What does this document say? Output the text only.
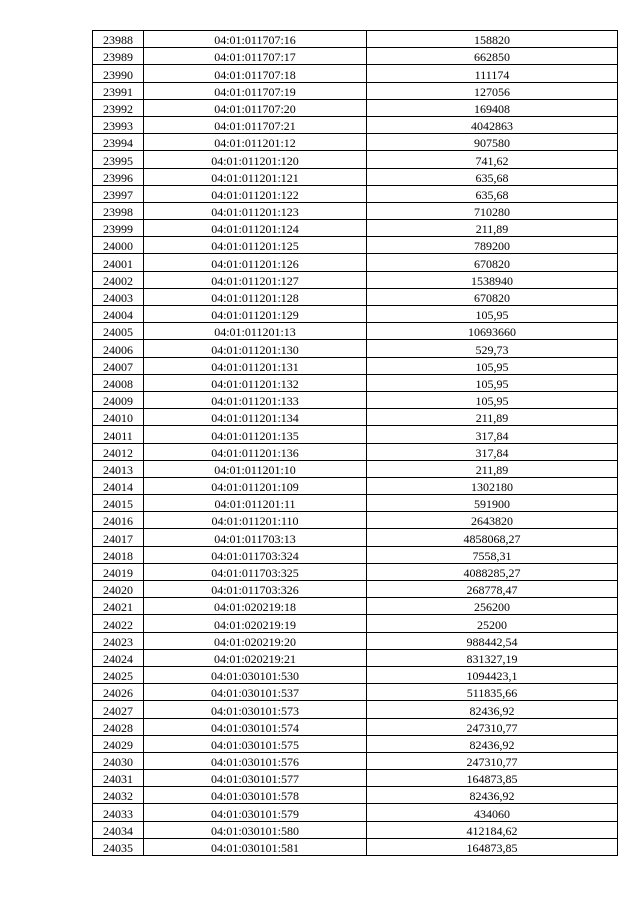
23988	04:01:011707:16	158820
23989	04:01:011707:17	662850
23990	04:01:011707:18	111174
23991	04:01:011707:19	127056
23992	04:01:011707:20	169408
23993	04:01:011707:21	4042863
23994	04:01:011201:12	907580
23995	04:01:011201:120	741,62
23996	04:01:011201:121	635,68
23997	04:01:011201:122	635,68
23998	04:01:011201:123	710280
23999	04:01:011201:124	211,89
24000	04:01:011201:125	789200
24001	04:01:011201:126	670820
24002	04:01:011201:127	1538940
24003	04:01:011201:128	670820
24004	04:01:011201:129	105,95
24005	04:01:011201:13	10693660
24006	04:01:011201:130	529,73
24007	04:01:011201:131	105,95
24008	04:01:011201:132	105,95
24009	04:01:011201:133	105,95
24010	04:01:011201:134	211,89
24011	04:01:011201:135	317,84
24012	04:01:011201:136	317,84
24013	04:01:011201:10	211,89
24014	04:01:011201:109	1302180
24015	04:01:011201:11	591900
24016	04:01:011201:110	2643820
24017	04:01:011703:13	4858068,27
24018	04:01:011703:324	7558,31
24019	04:01:011703:325	4088285,27
24020	04:01:011703:326	268778,47
24021	04:01:020219:18	256200
24022	04:01:020219:19	25200
24023	04:01:020219:20	988442,54
24024	04:01:020219:21	831327,19
24025	04:01:030101:530	1094423,1
24026	04:01:030101:537	511835,66
24027	04:01:030101:573	82436,92
24028	04:01:030101:574	247310,77
24029	04:01:030101:575	82436,92
24030	04:01:030101:576	247310,77
24031	04:01:030101:577	164873,85
24032	04:01:030101:578	82436,92
24033	04:01:030101:579	434060
24034	04:01:030101:580	412184,62
24035	04:01:030101:581	164873,85
